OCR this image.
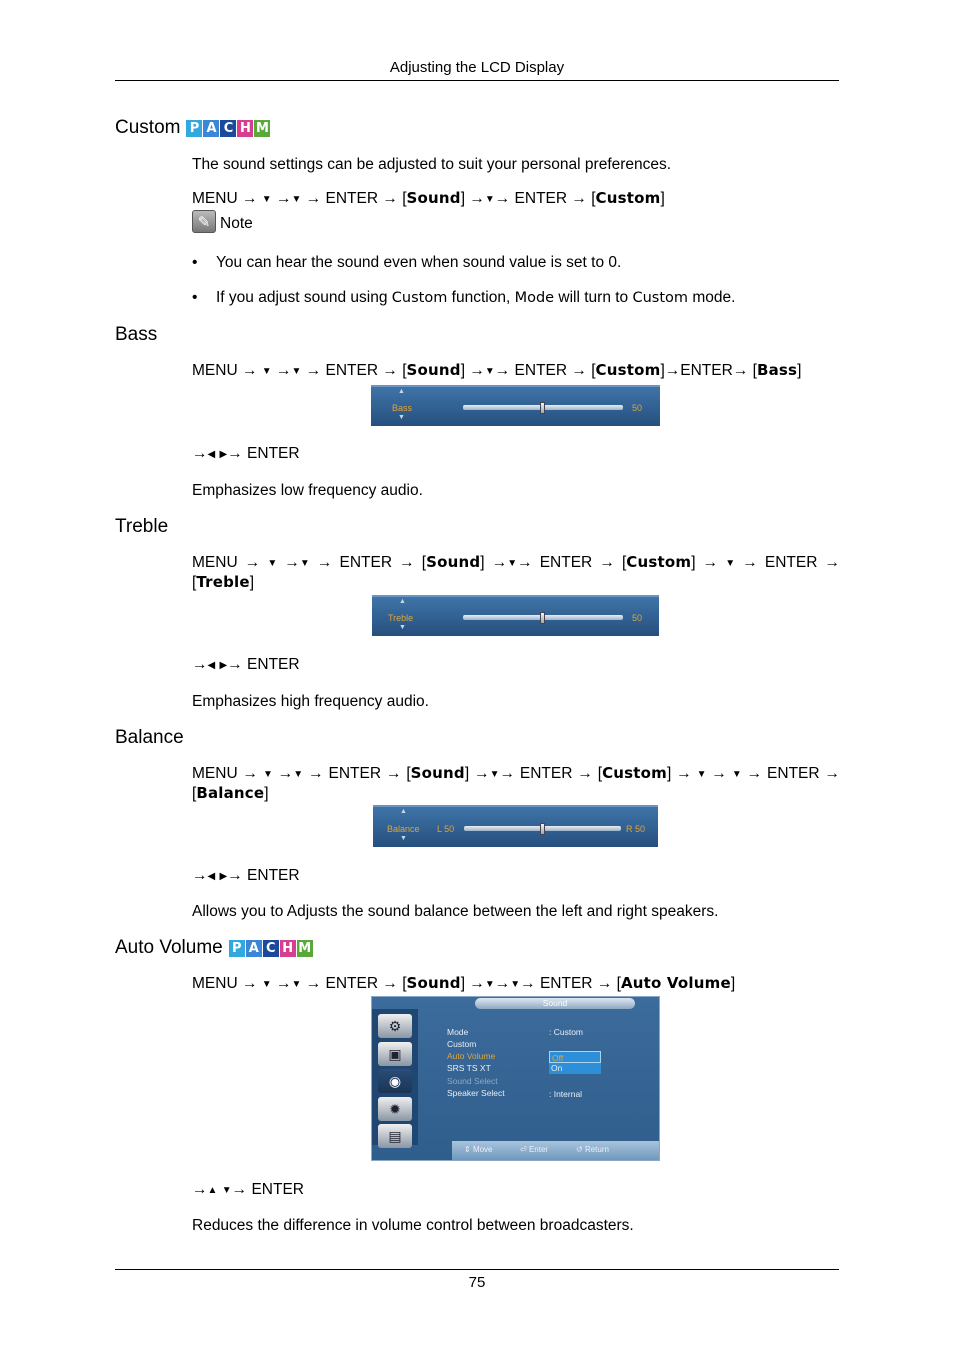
Adjusting the LCD Display
Custom P A C H M
The sound settings can be adjusted to suit your personal preferences.
MENU → ▼ →▼ → ENTER → [Sound] →▼→ ENTER → [Custom]
✎ Note
•	You can hear the sound even when sound value is set to 0.
•	If you adjust sound using Custom function, Mode will turn to Custom mode.
Bass
MENU → ▼ →▼ → ENTER → [Sound] →▼→ ENTER → [Custom]→ENTER→ [Bass]
▲
Bass
▼
50
→◀ ▶→ ENTER
Emphasizes low frequency audio.
Treble
MENU → ▼ →▼ → ENTER → [Sound] →▼→ ENTER → [Custom] → ▼ → ENTER → [Treble]
▲
Treble
▼
50
→◀ ▶→ ENTER
Emphasizes high frequency audio.
Balance
MENU → ▼ →▼ → ENTER → [Sound] →▼→ ENTER → [Custom] → ▼ → ▼ → ENTER → [Balance]
▲
Balance
▼
L 50	R 50
→◀ ▶→ ENTER
Allows you to Adjusts the sound balance between the left and right speakers.
Auto Volume P A C H M
MENU → ▼ →▼ → ENTER → [Sound] →▼→▼→ ENTER → [Auto Volume]
Sound
⚙
▣
◉
✹
▤
Mode	: Custom
Custom
Auto Volume
SRS TS XT
Sound Select
Speaker Select	: Internal
Off
On
⇕ Move	⏎ Enter	↺ Return
→▲ ▼→ ENTER
Reduces the difference in volume control between broadcasters.
75
